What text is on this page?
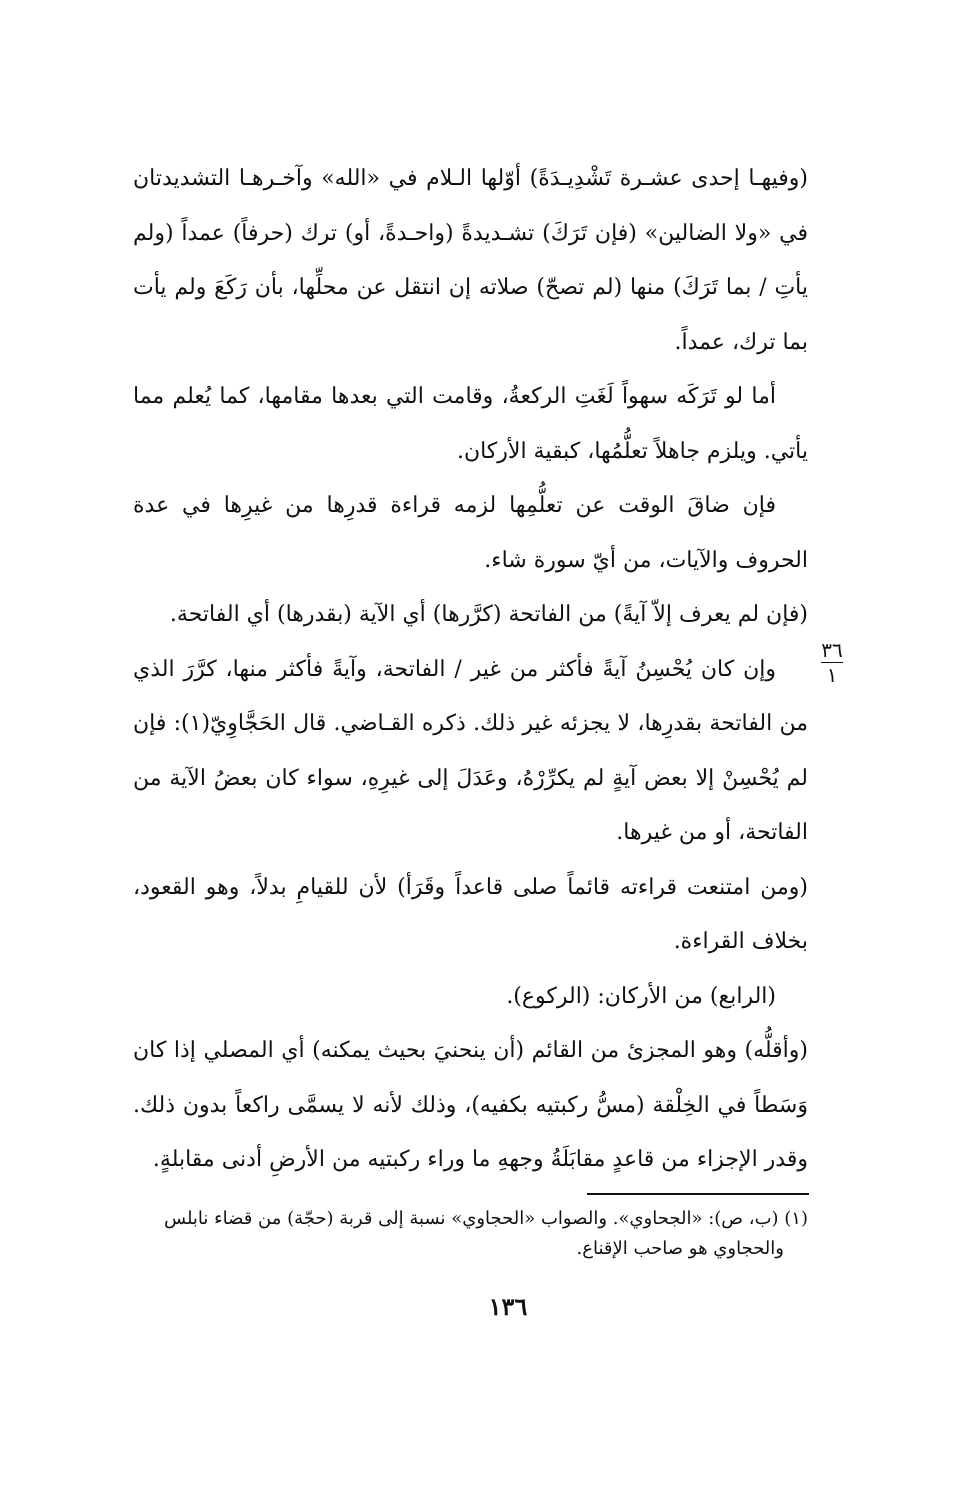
(وفيهـا إحدى عشـرة تَشْدِيـدَةً) أوّلها الـلام في «الله» وآخـرهـا التشديدتان في «ولا الضالين» (فإن تَرَكَ) تشـديدةً (واحـدةً، أو) ترك (حرفاً) عمداً (ولم يأتِ / بما تَرَكَ) منها (لم تصحّ) صلاته إن انتقل عن محلِّها، بأن رَكَعَ ولم يأت بما ترك، عمداً.

أما لو تَرَكَه سهواً لَغَتِ الركعةُ، وقامت التي بعدها مقامها، كما يُعلم مما يأتي. ويلزم جاهلاً تعلُّمُها، كبقية الأركان.

فإن ضاقَ الوقت عن تعلُّمِها لزمه قراءة قدرِها من غيرِها في عدة الحروف والآيات، من أيّ سورة شاء.

(فإن لم يعرف إلاّ آيةً) من الفاتحة (كرَّرها) أي الآية (بقدرها) أي الفاتحة.

وإن كان يُحْسِنُ آيةً فأكثر من غير / الفاتحة، وآيةً فأكثر منها، كرَّرَ الذي من الفاتحة بقدرِها، لا يجزئه غير ذلك. ذكره القـاضي. قال الحَجَّاوِيّ(١): فإن لم يُحْسِنْ إلا بعض آيةٍ لم يكرِّرْهُ، وعَدَلَ إلى غيرِهِ، سواء كان بعضُ الآية من الفاتحة، أو من غيرها.

(ومن امتنعت قراءته قائماً صلى قاعداً وقَرَأ) لأن للقيامِ بدلاً، وهو القعود، بخلاف القراءة.

(الرابع) من الأركان: (الركوع).

(وأقلُّه) وهو المجزئ من القائم (أن ينحنيَ بحيث يمكنه) أي المصلي إذا كان وَسَطاً في الخِلْقة (مسُّ ركبتيه بكفيه)، وذلك لأنه لا يسمَّى راكعاً بدون ذلك. وقدر الإجزاء من قاعدٍ مقابَلَةُ وجههِ ما وراء ركبتيه من الأرضِ أدنى مقابلةٍ.

٣٦
١
(١) (ب، ص): «الجحاوي». والصواب «الحجاوي» نسبة إلى قربة (حجّة) من قضاء نابلس
والحجاوي هو صاحب الإقناع.
١٣٦
